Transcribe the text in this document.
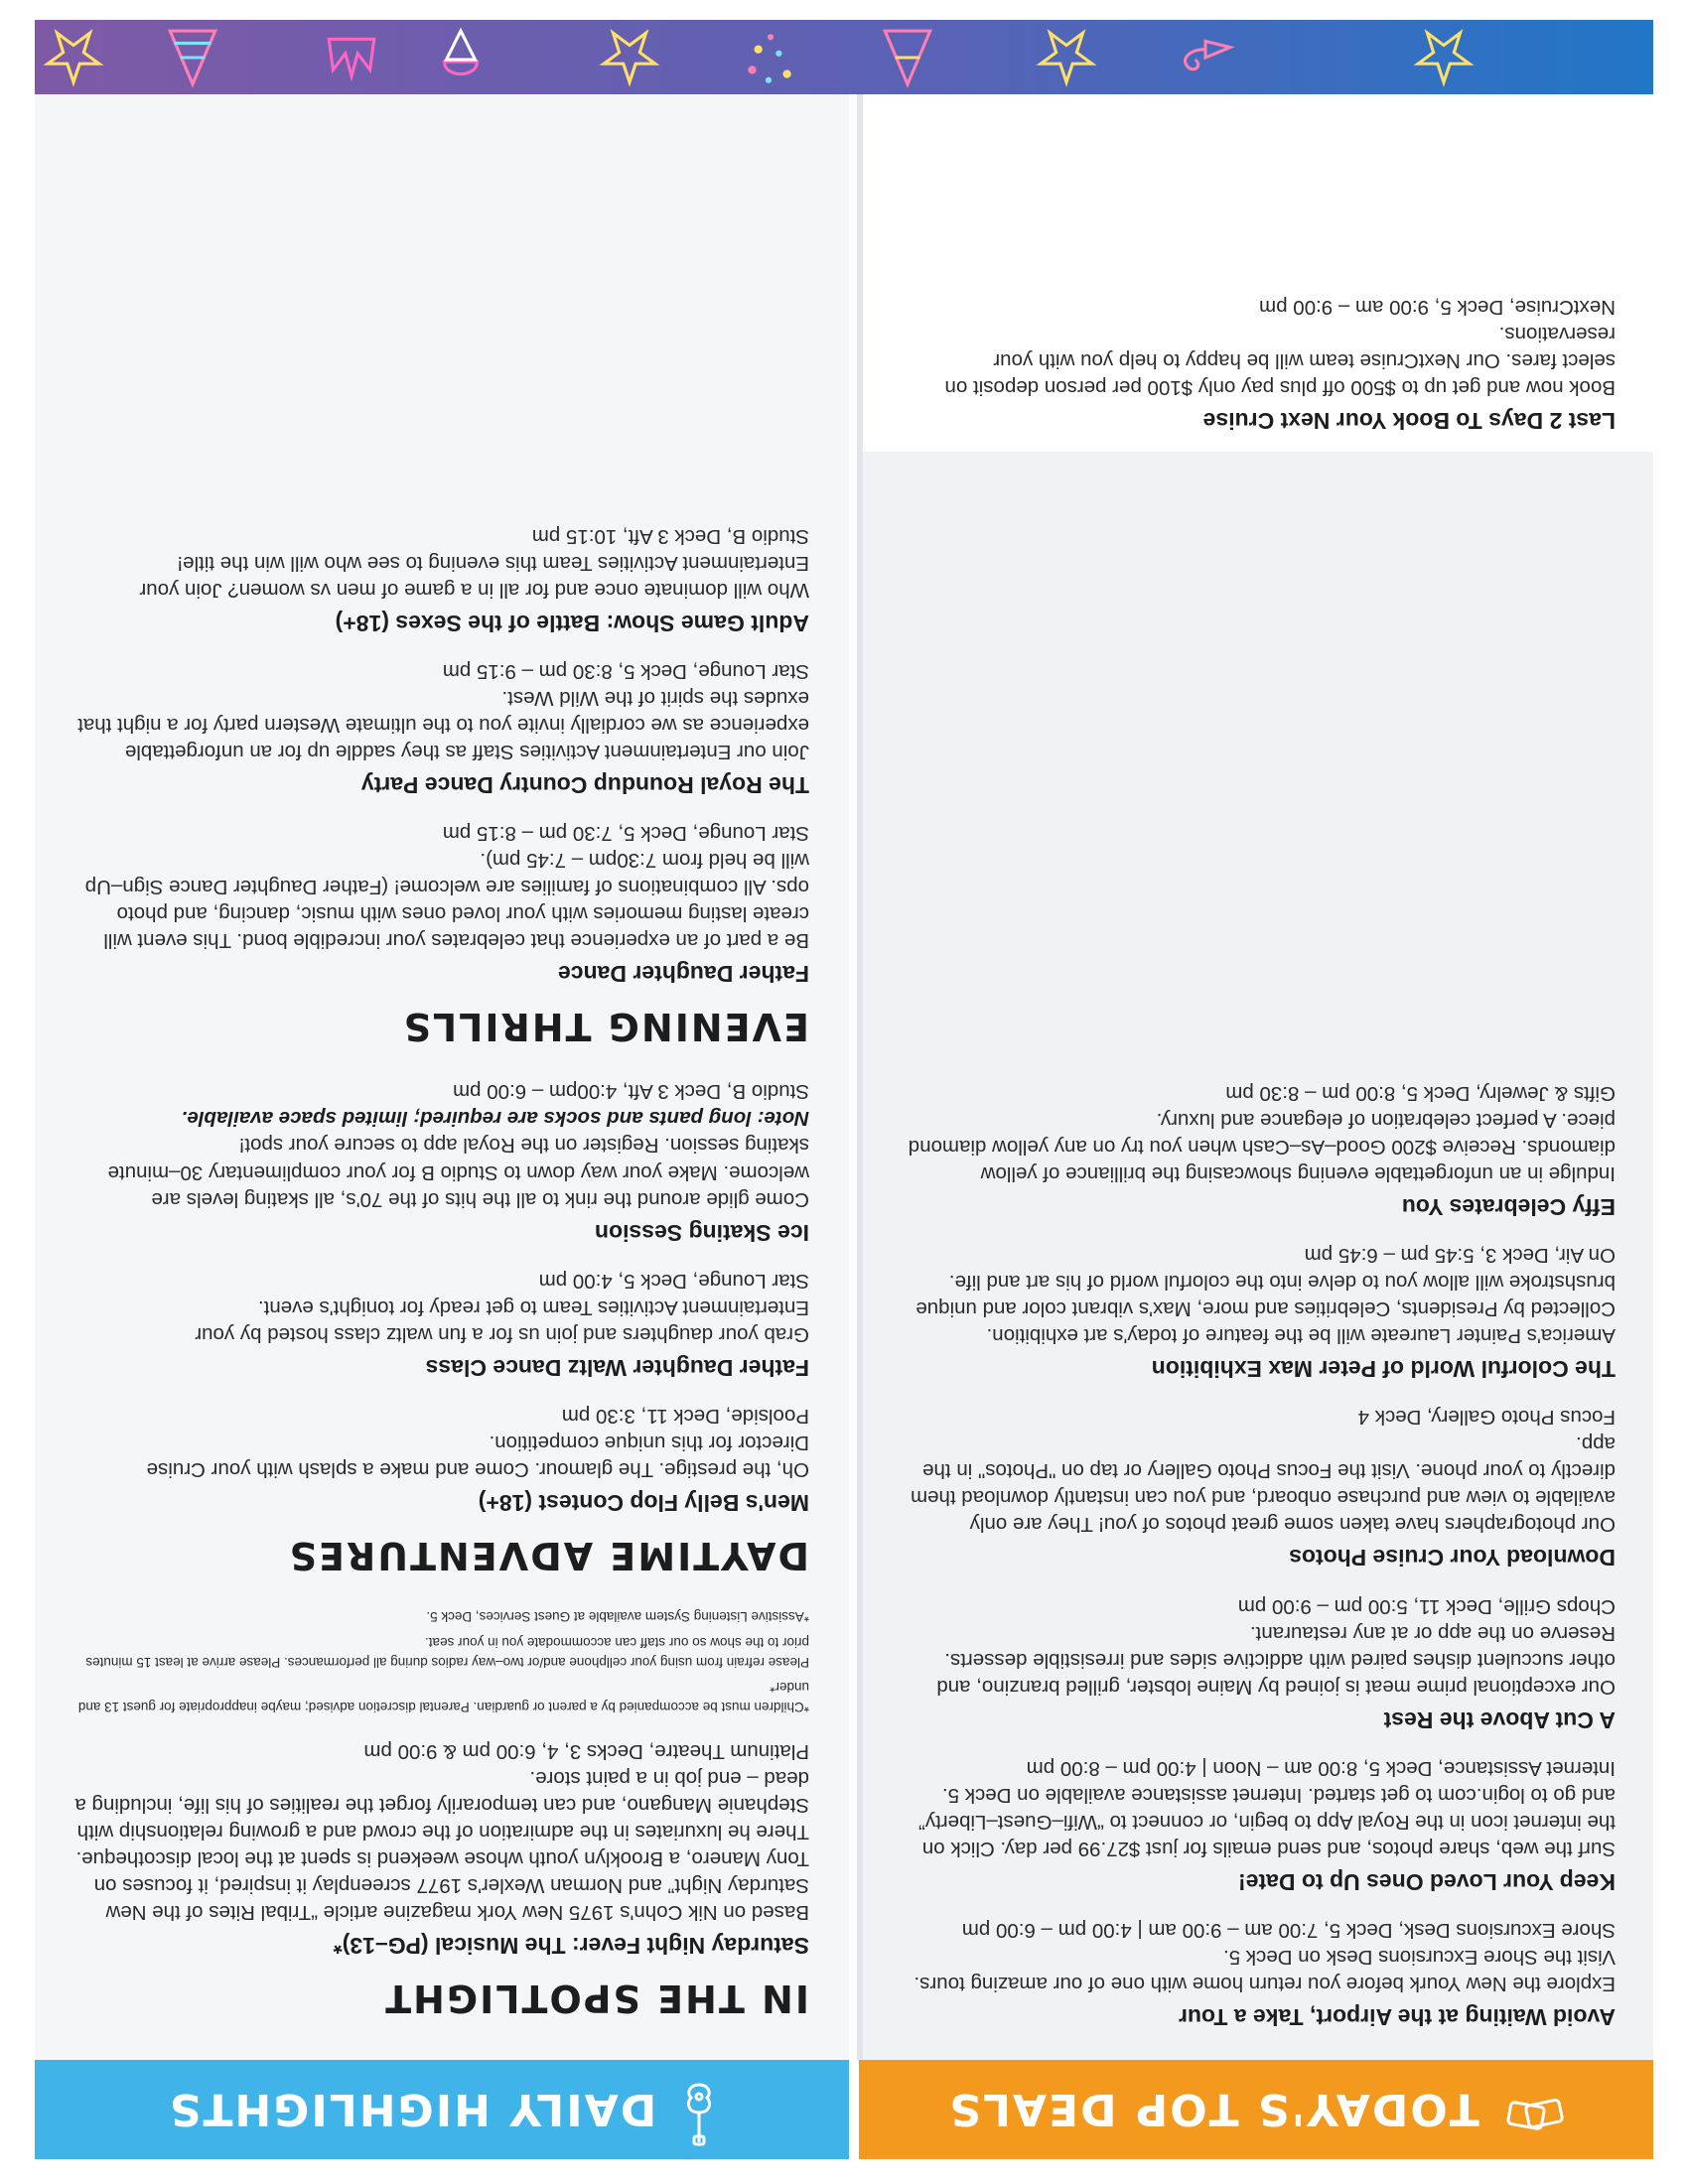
TODAY'S TOP DEALS
DAILY HIGHLIGHTS

Avoid Waiting at the Airport, Take a Tour

Explore the New Yourk before you return home with one of our amazing tours. Visit the Shore Excursions Desk on Deck 5.

Shore Excursions Desk, Deck 5, 7:00 am – 9:00 am | 4:00 pm – 6:00 pm

Keep Your Loved Ones Up to Date!

Surf the web, share photos, and send emails for just $27.99 per day. Click on the internet icon in the Royal App to begin, or connect to “Wifi–Guest–Liberty” and go to login.com to get started. Internet assistance available on Deck 5.

Internet Assistance, Deck 5, 8:00 am – Noon | 4:00 pm – 8:00 pm

A Cut Above the Rest

Our exceptional prime meat is joined by Maine lobster, grilled branzino, and other succulent dishes paired with addictive sides and irresistible desserts. Reserve on the app or at any restaurant.

Chops Grille, Deck 11, 5:00 pm – 9:00 pm

Download Your Cruise Photos

Our photographers have taken some great photos of you! They are only available to view and purchase onboard, and you can instantly download them directly to your phone. Visit the Focus Photo Gallery or tap on "Photos" in the app.

Focus Photo Gallery, Deck 4

The Colorful World of Peter Max Exhibition

America's Painter Laureate will be the feature of today's art exhibition. Collected by Presidents, Celebrities and more, Max's vibrant color and unique brushstroke will allow you to delve into the colorful world of his art and life.

On Air, Deck 3, 5:45 pm – 6:45 pm

Effy Celebrates You

Indulge in an unforgettable evening showcasing the brilliance of yellow diamonds. Receive $200 Good–As–Cash when you try on any yellow diamond piece. A perfect celebration of elegance and luxury.

Gifts & Jewelry, Deck 5, 8:00 pm – 8:30 pm

Last 2 Days To Book Your Next Cruise

Book now and get up to $500 off plus pay only $100 per person deposit on select fares. Our NextCruise team will be happy to help you with your reservations.

NextCruise, Deck 5, 9:00 am – 9:00 pm

IN THE SPOTLIGHT

Saturday Night Fever: The Musical (PG–13)*

Based on Nik Cohn's 1975 New York magazine article “Tribal Rites of the New Saturday Night” and Norman Wexler's 1977 screenplay it inspired, it focuses on Tony Manero, a Brooklyn youth whose weekend is spent at the local discotheque. There he luxuriates in the admiration of the crowd and a growing relationship with Stephanie Mangano, and can temporarily forget the realities of his life, including a dead – end job in a paint store.

Platinum Theatre, Decks 3, 4, 6:00 pm & 9:00 pm

*Children must be accompanied by a parent or guardian. Parental discretion advised; maybe inappropriate for guest 13 and under*

Please refrain from using your cellphone and/or two–way radios during all performances. Please arrive at least 15 minutes prior to the show so our staff can accommodate you in your seat.

*Assistive Listening System available at Guest Services, Deck 5.

DAYTIME ADVENTURES

Men's Belly Flop Contest (18+)

Oh, the prestige. The glamour. Come and make a splash with your Cruise Director for this unique competition.

Poolside, Deck 11, 3:30 pm

Father Daughter Waltz Dance Class

Grab your daughters and join us for a fun waltz class hosted by your Entertainment Activities Team to get ready for tonight's event.

Star Lounge, Deck 5, 4:00 pm

Ice Skating Session

Come glide around the rink to all the hits of the 70's, all skating levels are welcome. Make your way down to Studio B for your complimentary 30–minute skating session. Register on the Royal app to secure your spot!

Note: long pants and socks are required; limited space available.

Studio B, Deck 3 Aft, 4:00pm – 6:00 pm

EVENING THRILLS

Father Daughter Dance

Be a part of an experience that celebrates your incredible bond. This event will create lasting memories with your loved ones with music, dancing, and photo ops. All combinations of families are welcome! (Father Daughter Dance Sign–Up will be held from 7:30pm – 7:45 pm).

Star Lounge, Deck 5, 7:30 pm – 8:15 pm

The Royal Roundup Country Dance Party

Join our Entertainment Activities Staff as they saddle up for an unforgettable experience as we cordially invite you to the ultimate Western party for a night that exudes the spirit of the Wild West.

Star Lounge, Deck 5, 8:30 pm – 9:15 pm

Adult Game Show: Battle of the Sexes (18+)

Who will dominate once and for all in a game of men vs women? Join your Entertainment Activities Team this evening to see who will win the title!

Studio B, Deck 3 Aft, 10:15 pm
